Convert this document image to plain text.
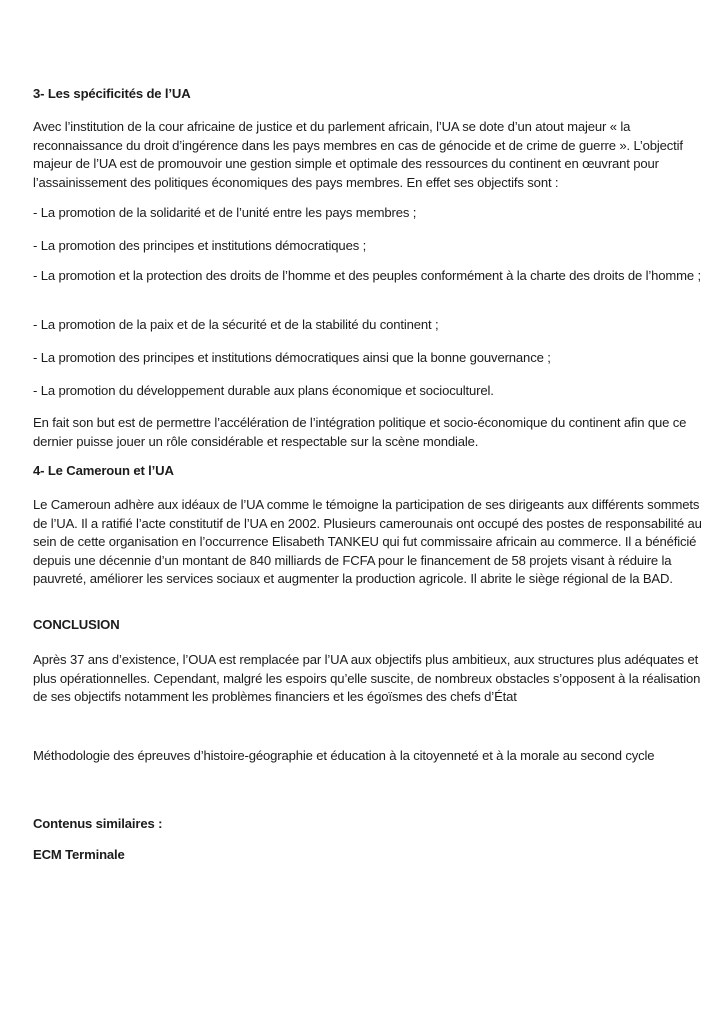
3- Les spécificités de l’UA

Avec l’institution de la cour africaine de justice et du parlement africain, l’UA se dote d’un atout majeur « la reconnaissance du droit d’ingérence dans les pays membres en cas de génocide et de crime de guerre ». L’objectif majeur de l’UA est de promouvoir une gestion simple et optimale des ressources du continent en œuvrant pour l’assainissement des politiques économiques des pays membres. En effet ses objectifs sont :

- La promotion de la solidarité et de l’unité entre les pays membres ;

- La promotion des principes et institutions démocratiques ;

- La promotion et la protection des droits de l’homme et des peuples conformément à la charte des droits de l’homme ;

- La promotion de la paix et de la sécurité et de la stabilité du continent ;

- La promotion des principes et institutions démocratiques ainsi que la bonne gouvernance ;

- La promotion du développement durable aux plans économique et socioculturel.

En fait son but est de permettre l’accélération de l’intégration politique et socio-économique du continent afin que ce dernier puisse jouer un rôle considérable et respectable sur la scène mondiale.

4- Le Cameroun et l’UA

Le Cameroun adhère aux idéaux de l’UA comme le témoigne la participation de ses dirigeants aux différents sommets de l’UA. Il a ratifié l’acte constitutif de l’UA en 2002. Plusieurs camerounais ont occupé des postes de responsabilité au sein de cette organisation en l’occurrence Elisabeth TANKEU qui fut commissaire africain au commerce. Il a bénéficié depuis une décennie d’un montant de 840 milliards de FCFA pour le financement de 58 projets visant à réduire la pauvreté, améliorer les services sociaux et augmenter la production agricole. Il abrite le siège régional de la BAD.

CONCLUSION

Après 37 ans d’existence, l’OUA est remplacée par l’UA aux objectifs plus ambitieux, aux structures plus adéquates et plus opérationnelles. Cependant, malgré les espoirs qu’elle suscite, de nombreux obstacles s’opposent à la réalisation de ses objectifs notamment les problèmes financiers et les égoïsmes des chefs d’État

Méthodologie des épreuves d’histoire-géographie et éducation à la citoyenneté et à la morale au second cycle

Contenus similaires :
ECM Terminale
